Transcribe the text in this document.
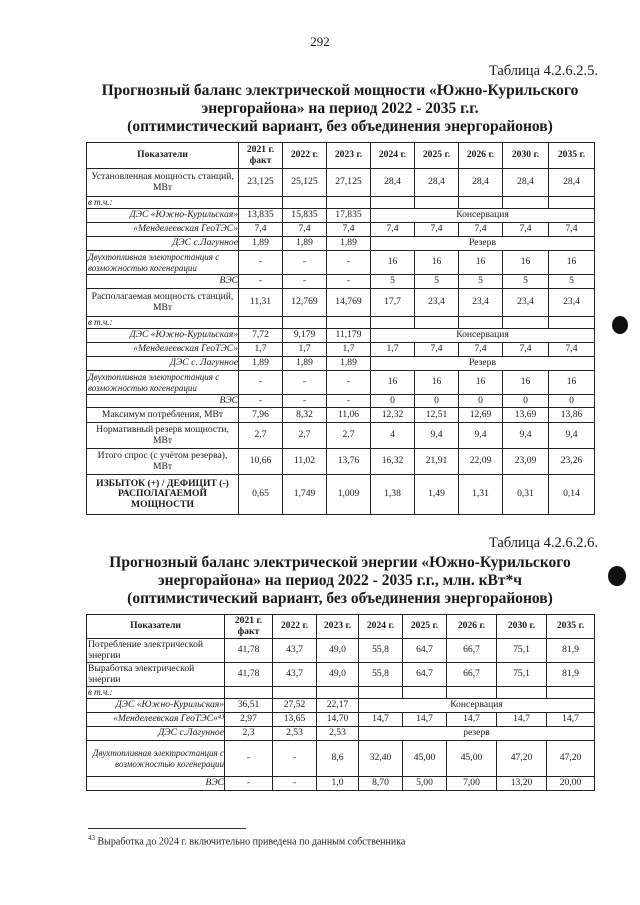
292
Таблица 4.2.6.2.5.
Прогнозный баланс электрической мощности «Южно-Курильского
энергорайона» на период 2022 - 2035 г.г.
(оптимистический вариант, без объединения энергорайонов)
Показатели	2021 г. факт	2022 г.	2023 г.	2024 г.	2025 г.	2026 г.	2030 г.	2035 г.
Установленная мощность станций, МВт	23,125	25,125	27,125	28,4	28,4	28,4	28,4	28,4
в т.ч.:								
ДЭС «Южно-Курильская»	13,835	15,835	17,835	Консервация				
«Менделеевская ГеоТЭС»	7,4	7,4	7,4	7,4	7,4	7,4	7,4	7,4
ДЭС с.Лагунное	1,89	1,89	1,89	Резерв				
Двухтопливная электростанция с возможностью когенерации	-	-	-	16	16	16	16	16
ВЭС	-	-	-	5	5	5	5	5
Располагаемая мощность станций, МВт	11,31	12,769	14,769	17,7	23,4	23,4	23,4	23,4
в т.ч.:								
ДЭС «Южно-Курильская»	7,72	9,179	11,179	Консервация				
«Менделеевская ГеоТЭС»	1,7	1,7	1,7	1,7	7,4	7,4	7,4	7,4
ДЭС с. Лагунное	1,89	1,89	1,89	Резерв				
Двухтопливная электростанция с возможностью когенерации	-	-	-	16	16	16	16	16
ВЭС	-	-	-	0	0	0	0	0
Максимум потребления, МВт	7,96	8,32	11,06	12,32	12,51	12,69	13,69	13,86
Нормативный резерв мощности, МВт	2,7	2,7	2,7	4	9,4	9,4	9,4	9,4
Итого спрос (с учётом резерва), МВт	10,66	11,02	13,76	16,32	21,91	22,09	23,09	23,26
ИЗБЫТОК (+) / ДЕФИЦИТ (-) РАСПОЛАГАЕМОЙ МОЩНОСТИ	0,65	1,749	1,009	1,38	1,49	1,31	0,31	0,14
Таблица 4.2.6.2.6.
Прогнозный баланс электрической энергии «Южно-Курильского
энергорайона» на период 2022 - 2035 г.г., млн. кВт*ч
(оптимистический вариант, без объединения энергорайонов)
Показатели	2021 г. факт	2022 г.	2023 г.	2024 г.	2025 г.	2026 г.	2030 г.	2035 г.
Потребление электрической энергии	41,78	43,7	49,0	55,8	64,7	66,7	75,1	81,9
Выработка электрической энергии	41,78	43,7	49,0	55,8	64,7	66,7	75,1	81,9
в т.ч.:								
ДЭС «Южно-Курильская»	36,51	27,52	22,17	Консервация				
«Менделеевская ГеоТЭС»⁴³	2,97	13,65	14,70	14,7	14,7	14,7	14,7	14,7
ДЭС с.Лагунное	2,3	2,53	2,53	резерв				
Двухтопливная электростанция с возможностью когенерации	-	-	8,6	32,40	45,00	45,00	47,20	47,20
ВЭС	-	-	1,0	8,70	5,00	7,00	13,20	20,00
$^{43}$ Выработка до 2024 г. включительно приведена по данным собственника
